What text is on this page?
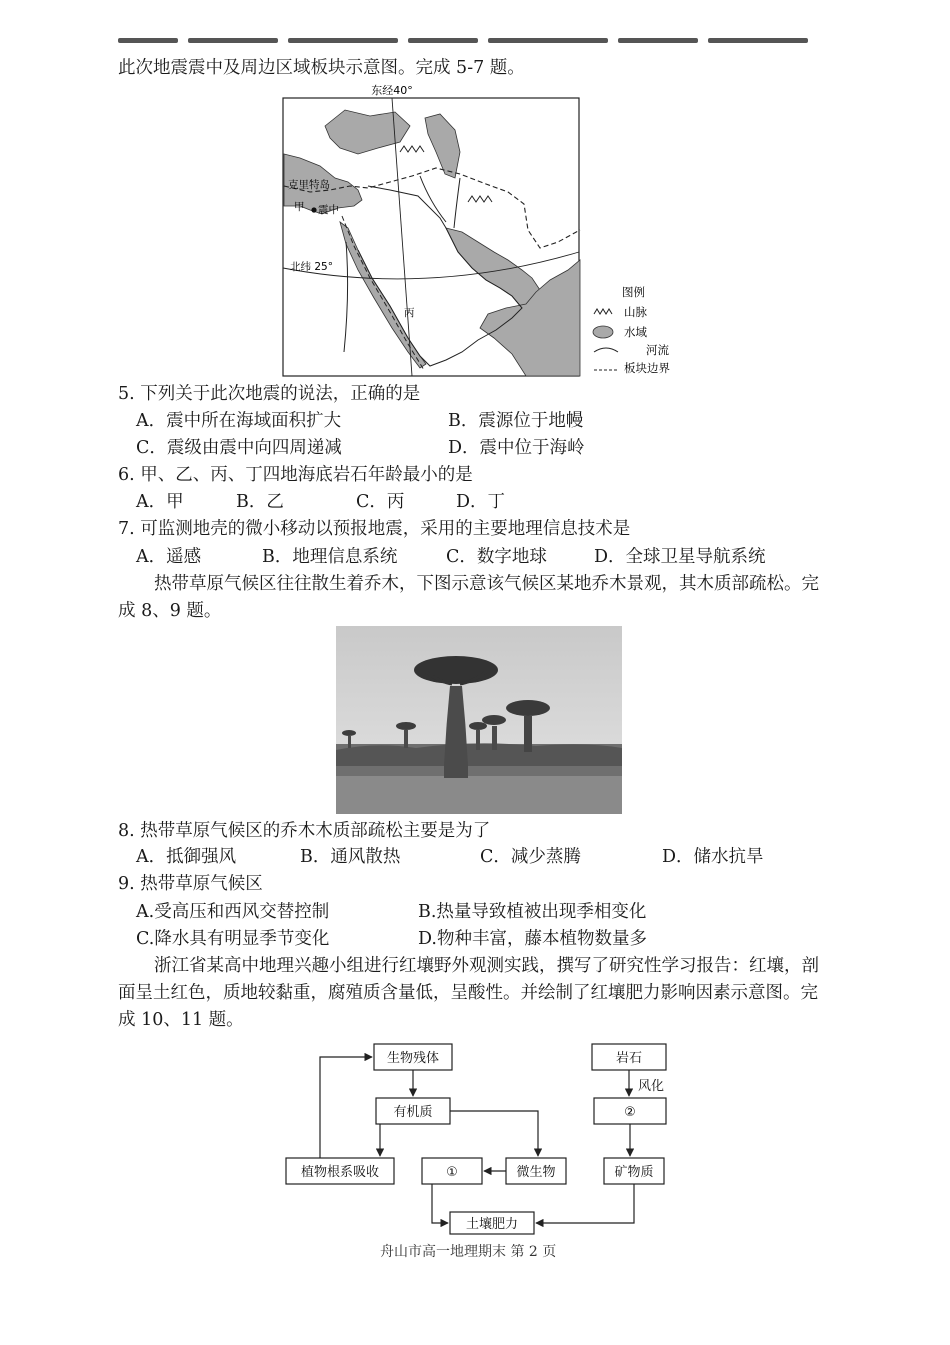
此次地震震中及周边区域板块示意图。完成 5-7 题。
东经40°
北纬 25°
克里特岛
甲 震中
丙
图例
山脉
水域
河流
板块边界
5. 下列关于此次地震的说法，正确的是
A．震中所在海域面积扩大	B．震源位于地幔
C．震级由震中向四周递减	D．震中位于海岭
6. 甲、乙、丙、丁四地海底岩石年龄最小的是
A．甲	B．乙	C．丙	D．丁
7. 可监测地壳的微小移动以预报地震，采用的主要地理信息技术是
A．遥感	B．地理信息系统	C．数字地球	D．全球卫星导航系统
热带草原气候区往往散生着乔木，下图示意该气候区某地乔木景观，其木质部疏松。完
成 8、9 题。
8. 热带草原气候区的乔木木质部疏松主要是为了
A．抵御强风	B．通风散热	C．减少蒸腾	D．储水抗旱
9. 热带草原气候区
A.受高压和西风交替控制	B.热量导致植被出现季相变化
C.降水具有明显季节变化	D.物种丰富，藤本植物数量多
浙江省某高中地理兴趣小组进行红壤野外观测实践，撰写了研究性学习报告：红壤，剖
面呈土红色，质地较黏重，腐殖质含量低，呈酸性。并绘制了红壤肥力影响因素示意图。完
成 10、11 题。
生物残体
有机质
植物根系吸收	①	微生物
土壤肥力
岩石
风化
②
矿物质
舟山市高一地理期末 第 2 页
